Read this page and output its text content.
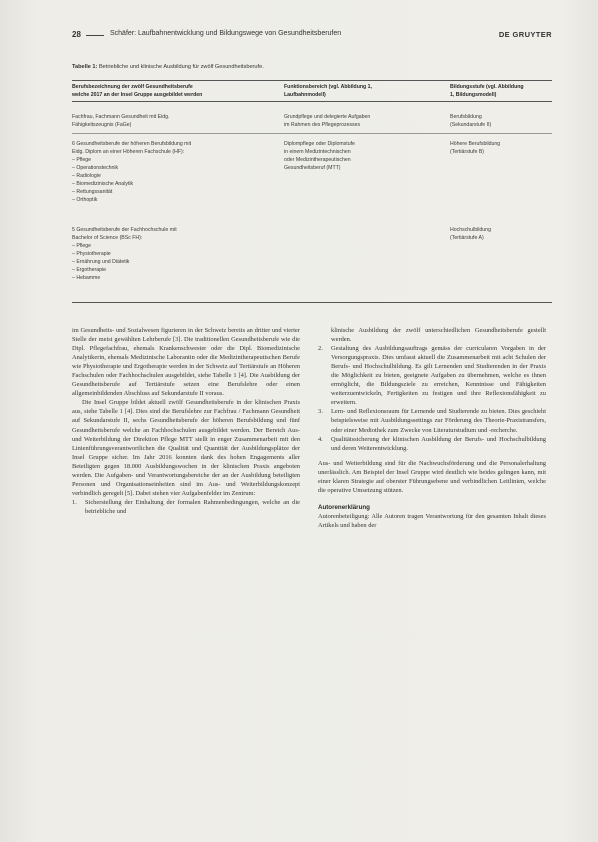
28	Schäfer: Laufbahnentwicklung und Bildungswege von Gesundheitsberufen	DE GRUYTER
Tabelle 1: Betriebliche und klinische Ausbildung für zwölf Gesundheitsberufe.
Berufsbezeichnung der zwölf Gesundheitsberufe
welche 2017 an der Insel Gruppe ausgebildet werden
Funktionsbereich (vgl. Abbildung 1,
Laufbahnmodell)
Bildungsstufe (vgl. Abbildung
1, Bildungsmodell)
Fachfrau, Fachmann Gesundheit mit Eidg.
Fähigkeitszeugnis (FaGe)
Grundpflege und delegierte Aufgaben
im Rahmen des Pflegeprozesses
Berufsbildung
(Sekundarstufe II)
6 Gesundheitsberufe der höheren Berufsbildung mit
Eidg. Diplom an einer Höheren Fachschule (HF):
– Pflege
– Operationstechnik
– Radiologie
– Biomedizinische Analytik
– Rettungssanität
– Orthoptik
Diplompflege oder Diplomstufe
in einem Medizintechnischen
oder Medizintherapeutischen
Gesundheitsberuf (MTT)
Höhere Berufsbildung
(Tertiärstufe B)
5 Gesundheitsberufe der Fachhochschule mit
Bachelor of Science (BSc FH):
– Pflege
– Physiotherapie
– Ernährung und Diätetik
– Ergotherapie
– Hebamme
Hochschulbildung
(Tertiärstufe A)

im Gesundheits- und Sozialwesen figurieren in der Schweiz bereits an dritter und vierter Stelle der meist gewählten Lehrberufe [3]. Die traditionellen Gesundheitsberufe wie die Dipl. Pflegefachfrau, ehemals Krankenschwester oder die Dipl. Biomedizinische Analytikerin, ehemals Medizinische Laborantin oder die Medizintherapeutischen Berufe wie Physiotherapie und Ergotherapie werden in der Schweiz auf Tertiärstufe an Höheren Fachschulen oder Fachhochschulen ausgebildet, siehe Tabelle 1 [4]. Die Ausbildung der Gesundheitsberufe auf Tertiärstufe setzen eine Berufslehre oder einen allgemeinbildenden Abschluss auf Sekundarstufe II voraus.

Die Insel Gruppe bildet aktuell zwölf Gesundheitsberufe in der klinischen Praxis aus, siehe Tabelle 1 [4]. Dies sind die Berufslehre zur Fachfrau / Fachmann Gesundheit auf Sekundarstufe II, sechs Gesundheitsberufe der höheren Berufsbildung und fünf Gesundheitsberufe welche an Fachhochschulen ausgebildet werden. Der Bereich Aus- und Weiterbildung der Direktion Pflege MTT stellt in enger Zusammenarbeit mit den Linienführungsverantwortlichen die Qualität und Quantität der Ausbildungsplätze der Insel Gruppe sicher. Im Jahr 2016 konnten dank des hohen Engagements aller Beteiligten gegen 18.000 Ausbildungswochen in der klinischen Praxis angeboten werden. Die Aufgaben- und Verantwortungsbereiche der an der Ausbildung beteiligten Personen und Organisationseinheiten sind im Aus- und Weiterbildungskonzept verbindlich geregelt [5]. Dabei stehen vier Aufgabenfelder im Zentrum:

1. Sicherstellung der Einhaltung der formalen Rahmenbedingungen, welche an die betriebliche und
klinische Ausbildung der zwölf unterschiedlichen Gesundheitsberufe gestellt werden.
2. Gestaltung des Ausbildungsauftrags gemäss der curricularen Vorgaben in der Versorgungspraxis. Dies umfasst aktuell die Zusammenarbeit mit acht Schulen der Berufs- und Hochschulbildung. Es gilt Lernenden und Studierenden in der Praxis die Möglichkeit zu bieten, geeignete Aufgaben zu übernehmen, welche es ihnen ermöglicht, die Bildungsziele zu erreichen, Kenntnisse und Fähigkeiten weiterzuentwickeln, Fertigkeiten zu festigen und ihre Reflexionsfähigkeit zu erweitern.
3. Lern- und Reflexionsraum für Lernende und Studierende zu bieten. Dies geschieht beispielsweise mit Ausbildungssettings zur Förderung des Theorie-Praxistransfers, oder einer Mediothek zum Zwecke von Literaturstudium und -recherche.
4. Qualitätssicherung der klinischen Ausbildung der Berufs- und Hochschulbildung und deren Weiterentwicklung.

Aus- und Weiterbildung sind für die Nachwuchsförderung und die Personalerhaltung unerlässlich. Am Beispiel der Insel Gruppe wird deutlich wie beides gelingen kann, mit einer klaren Strategie auf oberster Führungsebene und verbindlichen Leitlinien, welche die operative Umsetzung stützen.

Autorenerklärung

Autorenbeteiligung: Alle Autoren tragen Verantwortung für den gesamten Inhalt dieses Artikels und haben der
